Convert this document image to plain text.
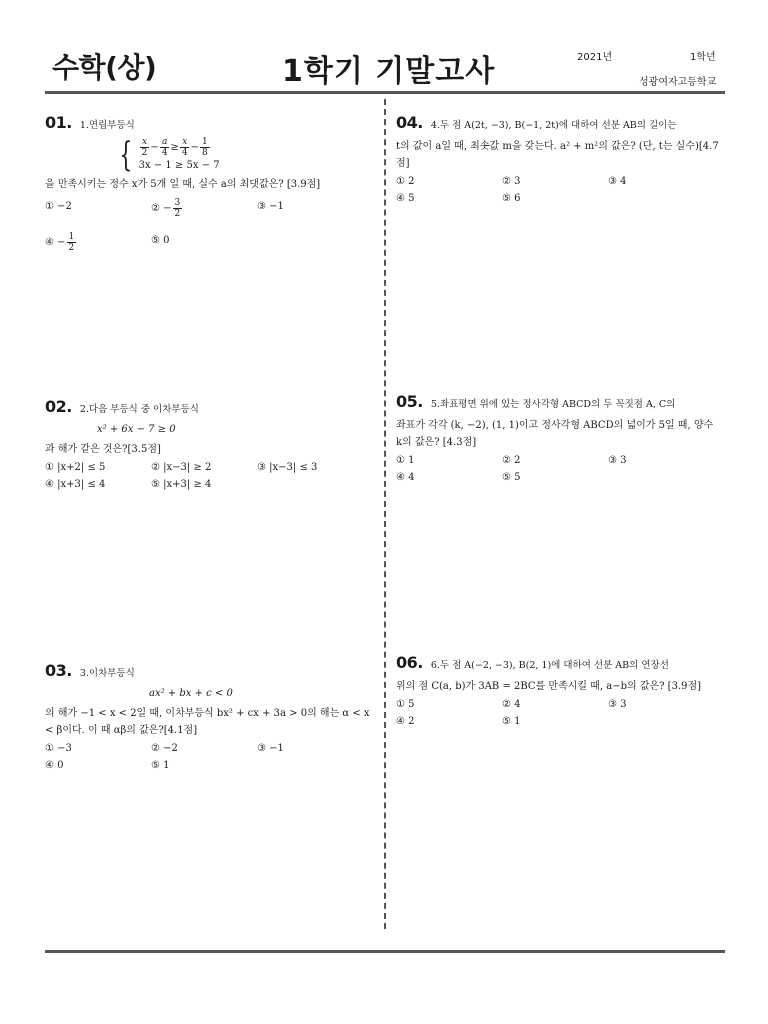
수학(상)	1학기 기말고사	2021년	1학년
성광여자고등학교
01. 1.연립부등식
{ $\frac{x}{2} - \frac{a}{4} \ge \frac{x}{4} - \frac{1}{8}$
3x − 1 ≥ 5x − 7

을 만족시키는 정수 x가 5개 일 때, 실수 a의 최댓값은? [3.9점]

① −2	② − $\frac{3}{2}$	③ −1
④ − $\frac{1}{2}$	⑤ 0
02. 2.다음 부등식 중 이차부등식
x² + 6x − 7 ≥ 0

과 해가 같은 것은?[3.5점]

① |x+2| ≤ 5	② |x−3| ≥ 2	③ |x−3| ≤ 3
④ |x+3| ≤ 4	⑤ |x+3| ≥ 4
03. 3.이차부등식
ax² + bx + c < 0

의 해가 −1 < x < 2일 때, 이차부등식 bx² + cx + 3a > 0의 해는 α < x < β이다. 이 때 αβ의 값은?[4.1점]

① −3	② −2	③ −1
④ 0	⑤ 1
04. 4.두 점 A(2t, −3), B(−1, 2t)에 대하여 선분 AB의 길이는

t의 값이 a일 때, 최솟값 m을 갖는다. a² + m²의 값은? (단, t는 실수)[4.7점]

① 2	② 3	③ 4
④ 5	⑤ 6
05. 5.좌표평면 위에 있는 정사각형 ABCD의 두 꼭짓점 A, C의

좌표가 각각 (k, −2), (1, 1)이고 정사각형 ABCD의 넓이가 5일 때, 양수 k의 값은? [4.3점]

① 1	② 2	③ 3
④ 4	⑤ 5
06. 6.두 점 A(−2, −3), B(2, 1)에 대하여 선분 AB의 연장선

위의 점 C(a, b)가 3AB = 2BC를 만족시킬 때, a−b의 값은? [3.9점]

① 5	② 4	③ 3
④ 2	⑤ 1
